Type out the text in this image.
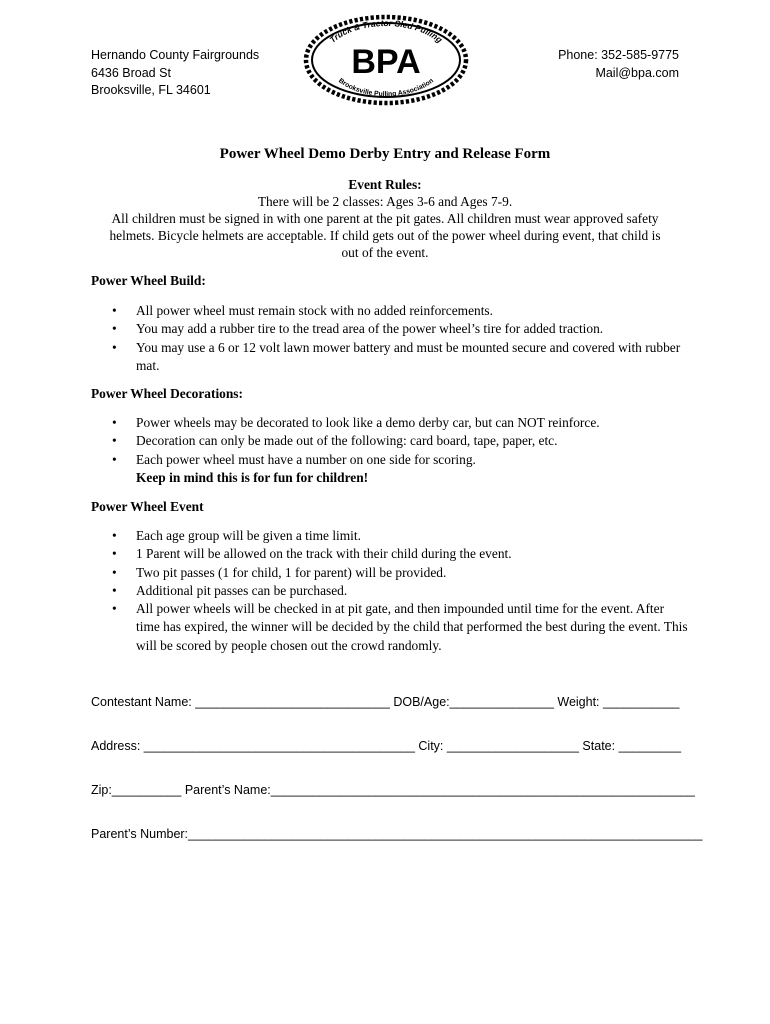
Hernando County Fairgrounds
6436 Broad St
Brooksville, FL 34601
Truck & Tractor Sled Pulling
BPA
Brooksville Pulling Association
Phone: 352-585-9775
Mail@bpa.com
Power Wheel Demo Derby Entry and Release Form
Event Rules:
There will be 2 classes: Ages 3-6 and Ages 7-9.
All children must be signed in with one parent at the pit gates. All children must wear approved safety
helmets. Bicycle helmets are acceptable. If child gets out of the power wheel during event, that child is
out of the event.
Power Wheel Build:
• All power wheel must remain stock with no added reinforcements.
• You may add a rubber tire to the tread area of the power wheel’s tire for added traction.
• You may use a 6 or 12 volt lawn mower battery and must be mounted secure and covered with rubber mat.
Power Wheel Decorations:
• Power wheels may be decorated to look like a demo derby car, but can NOT reinforce.
• Decoration can only be made out of the following: card board, tape, paper, etc.
• Each power wheel must have a number on one side for scoring.
Keep in mind this is for fun for children!
Power Wheel Event
• Each age group will be given a time limit.
• 1 Parent will be allowed on the track with their child during the event.
• Two pit passes (1 for child, 1 for parent) will be provided.
• Additional pit passes can be purchased.
• All power wheels will be checked in at pit gate, and then impounded until time for the event. After time has expired, the winner will be decided by the child that performed the best during the event. This will be scored by people chosen out the crowd randomly.
Contestant Name: ____________________________ DOB/Age:_______________ Weight: ___________
Address: _______________________________________ City: ___________________ State: _________
Zip:__________ Parent’s Name:_____________________________________________________________
Parent’s Number:__________________________________________________________________________
